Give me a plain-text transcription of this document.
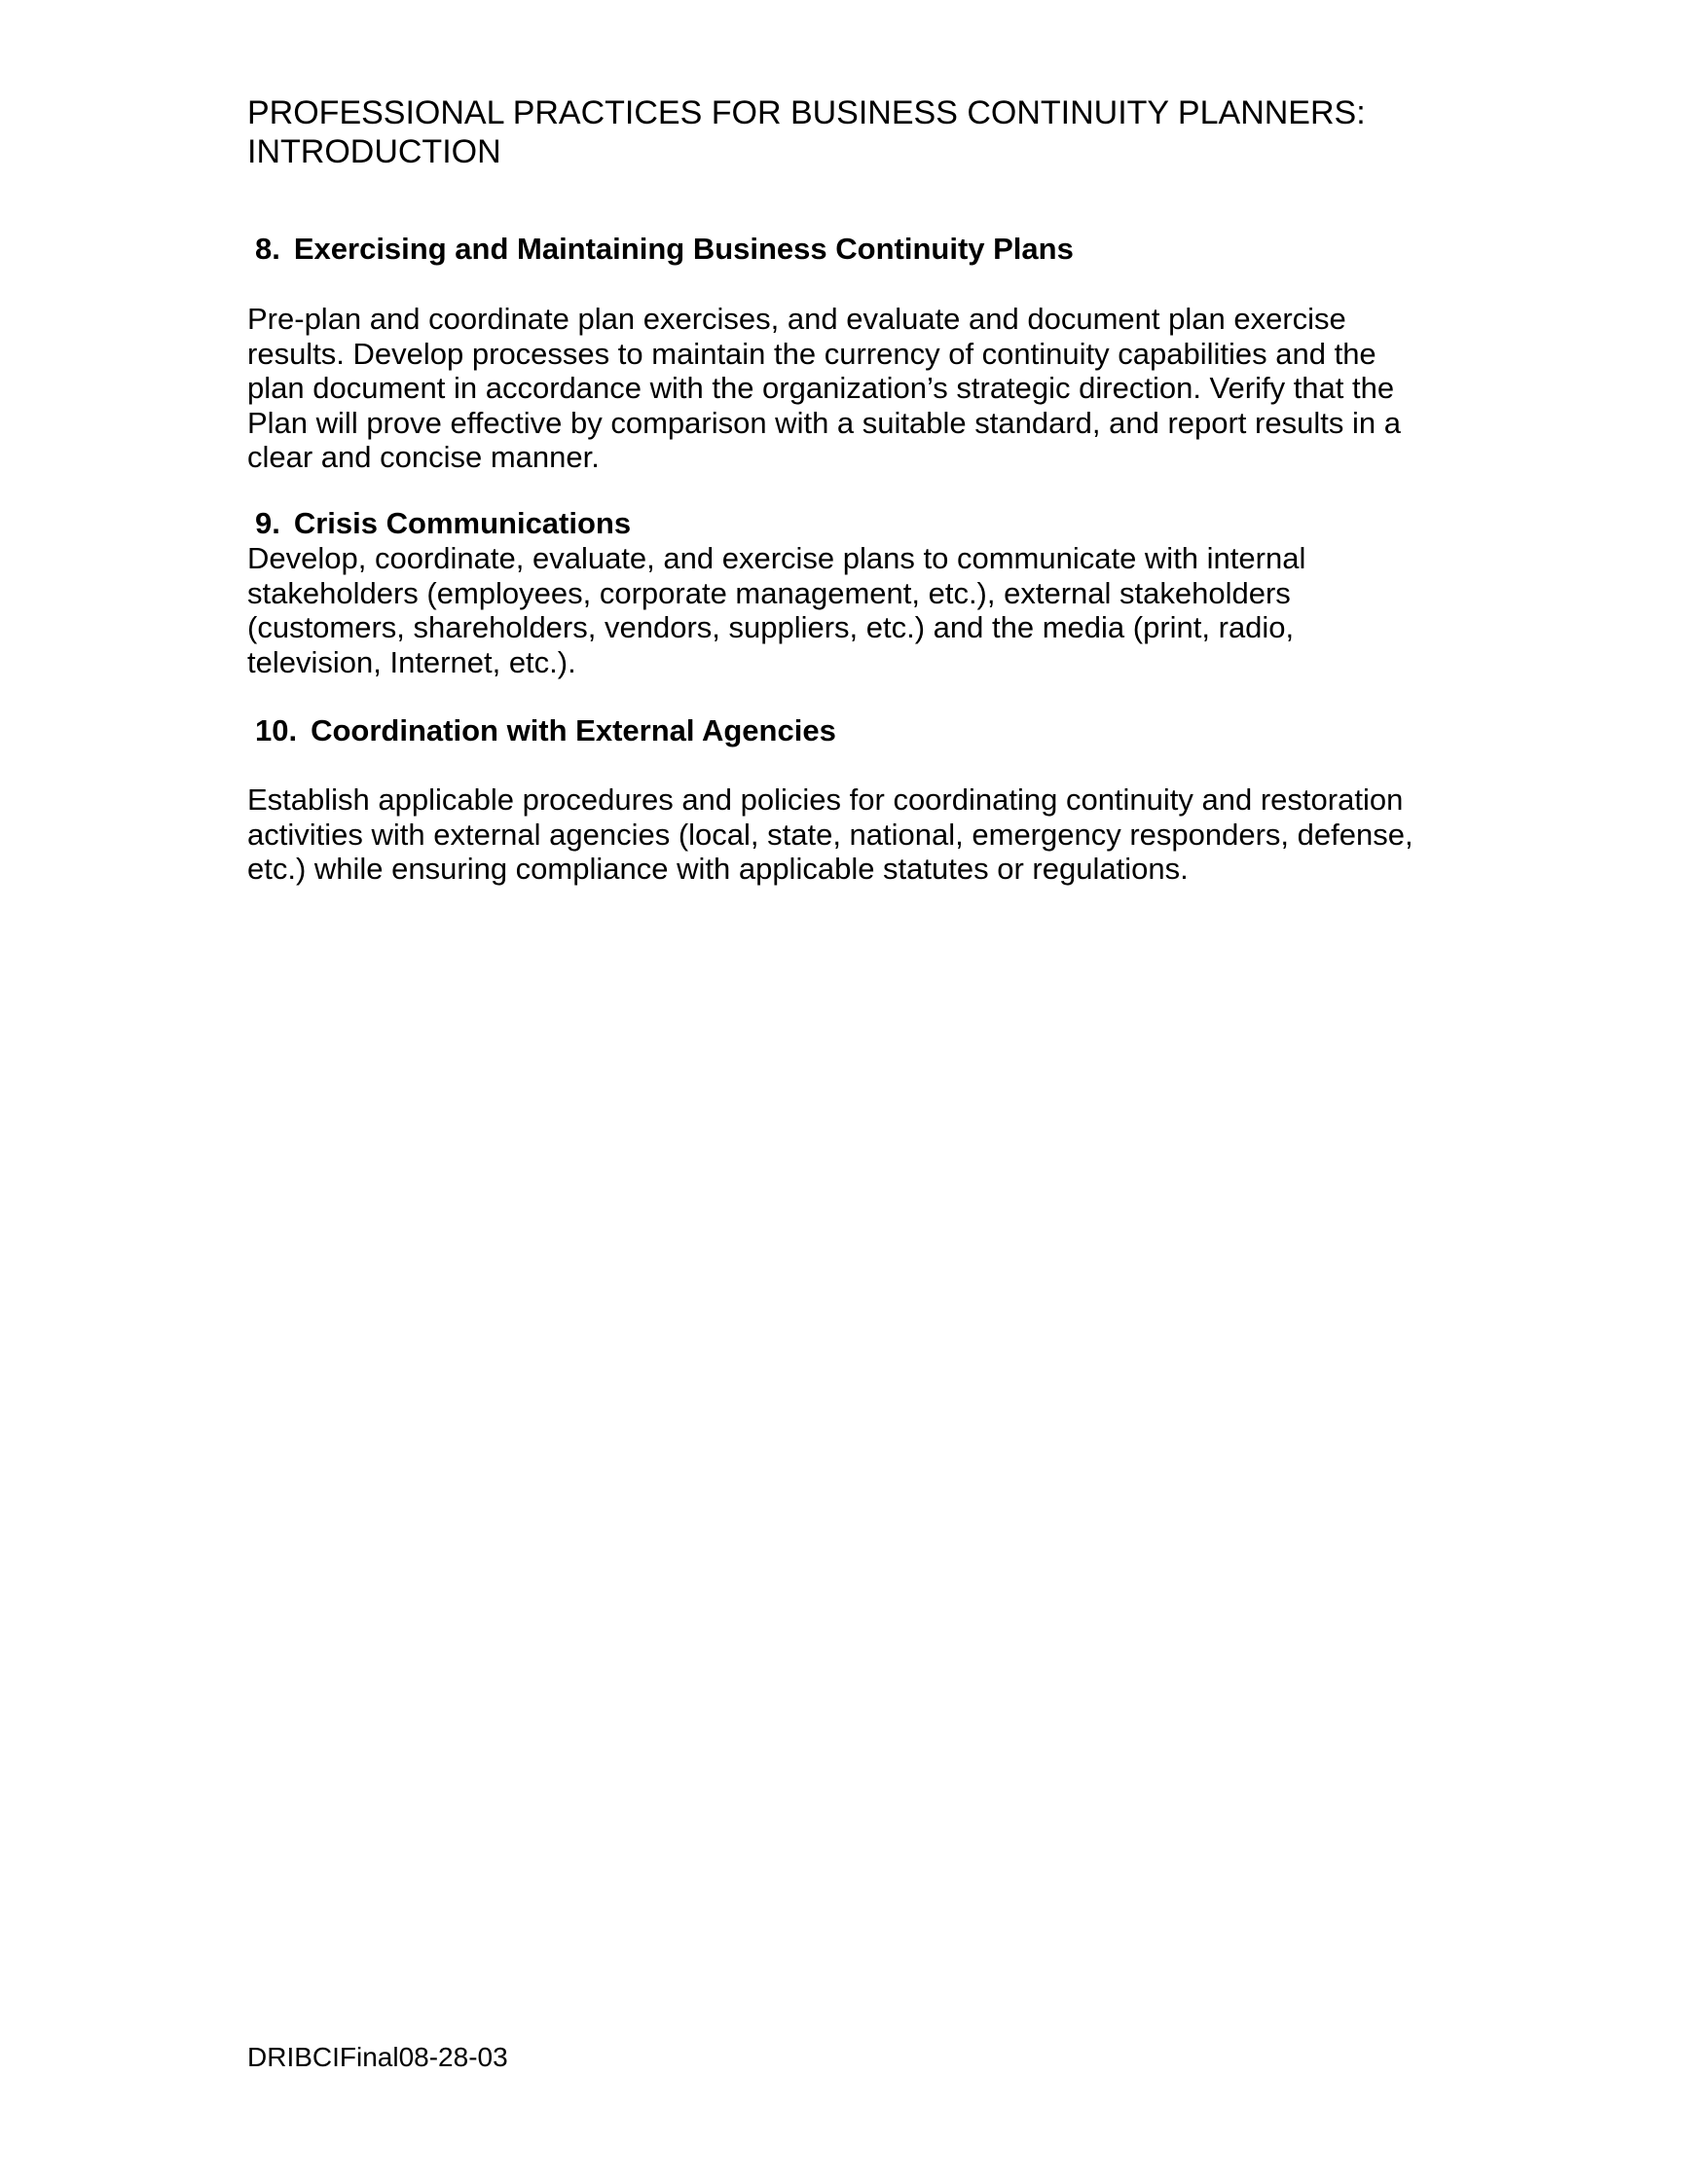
PROFESSIONAL PRACTICES FOR BUSINESS CONTINUITY PLANNERS:
INTRODUCTION
8. Exercising and Maintaining Business Continuity Plans

Pre-plan and coordinate plan exercises, and evaluate and document plan exercise
results. Develop processes to maintain the currency of continuity capabilities and the
plan document in accordance with the organization’s strategic direction. Verify that the
Plan will prove effective by comparison with a suitable standard, and report results in a
clear and concise manner.

9. Crisis Communications

Develop, coordinate, evaluate, and exercise plans to communicate with internal
stakeholders (employees, corporate management, etc.), external stakeholders
(customers, shareholders, vendors, suppliers, etc.) and the media (print, radio,
television, Internet, etc.).

10. Coordination with External Agencies

Establish applicable procedures and policies for coordinating continuity and restoration
activities with external agencies (local, state, national, emergency responders, defense,
etc.) while ensuring compliance with applicable statutes or regulations.

DRIBCIFinal08-28-03
